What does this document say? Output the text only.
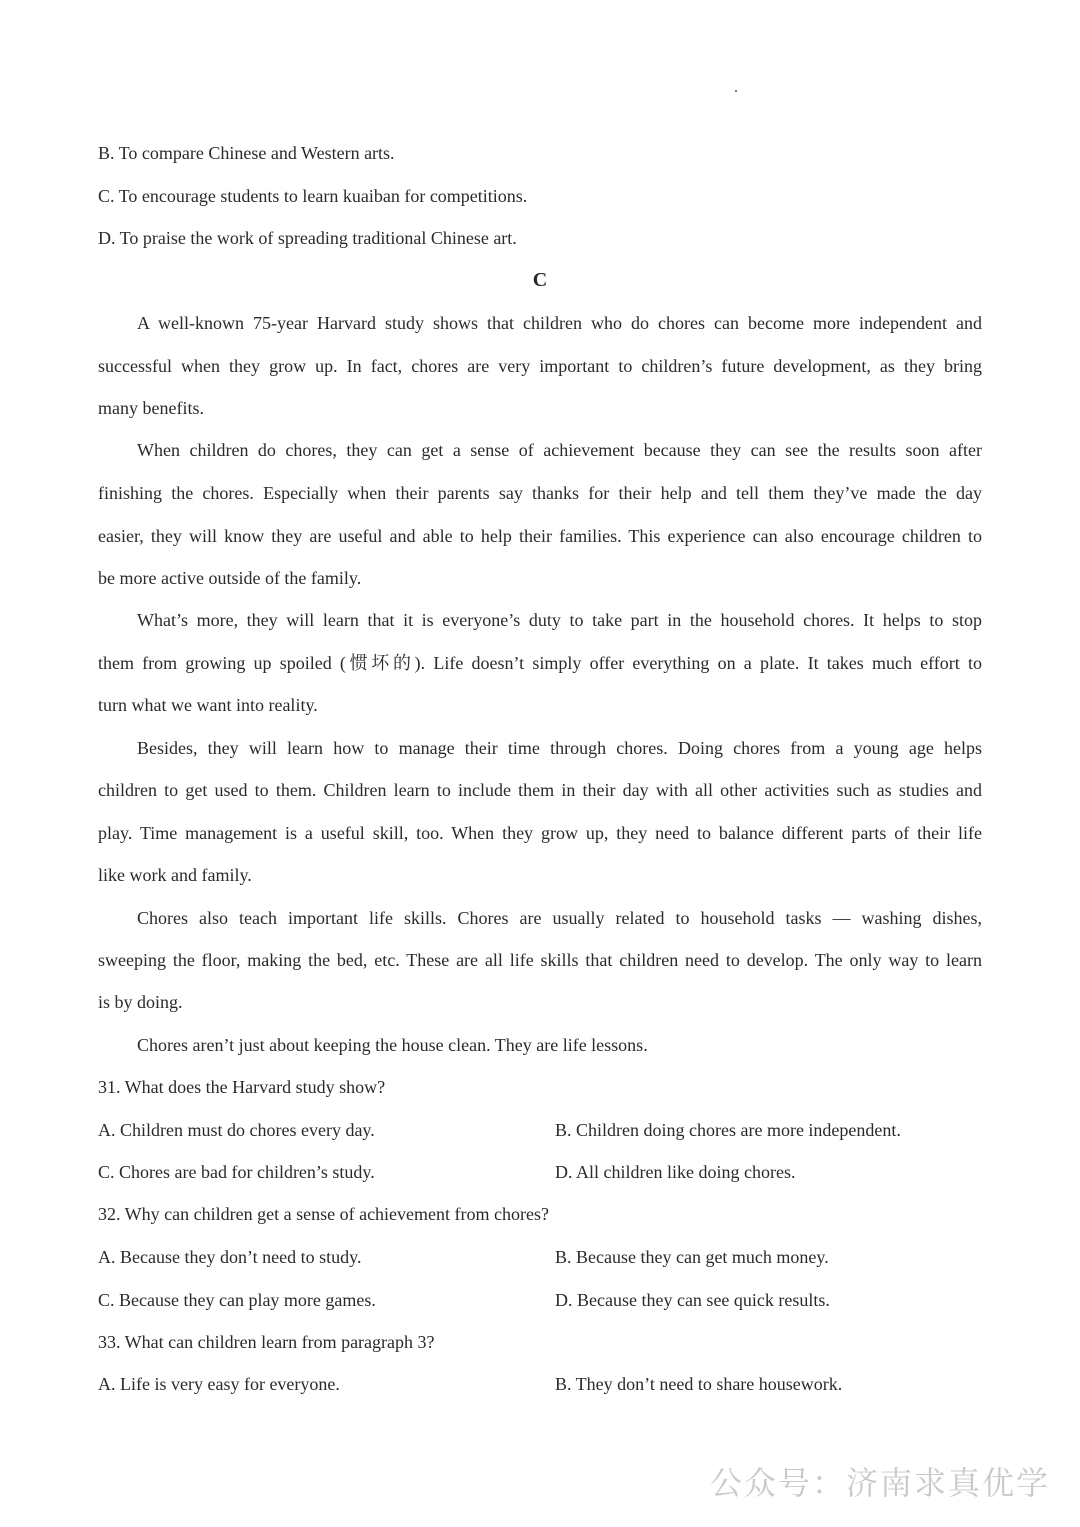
B. To compare Chinese and Western arts.
C. To encourage students to learn kuaiban for competitions.
D. To praise the work of spreading traditional Chinese art.
C
A well-known 75-year Harvard study shows that children who do chores can become more independent and
successful when they grow up. In fact, chores are very important to children’s future development, as they bring
many benefits.
When children do chores, they can get a sense of achievement because they can see the results soon after
finishing the chores. Especially when their parents say thanks for their help and tell them they’ve made the day
easier, they will know they are useful and able to help their families. This experience can also encourage children to
be more active outside of the family.
What’s more, they will learn that it is everyone’s duty to take part in the household chores. It helps to stop
them from growing up spoiled (惯坏的). Life doesn’t simply offer everything on a plate. It takes much effort to
turn what we want into reality.
Besides, they will learn how to manage their time through chores. Doing chores from a young age helps
children to get used to them. Children learn to include them in their day with all other activities such as studies and
play. Time management is a useful skill, too. When they grow up, they need to balance different parts of their life
like work and family.
Chores also teach important life skills. Chores are usually related to household tasks — washing dishes,
sweeping the floor, making the bed, etc. These are all life skills that children need to develop. The only way to learn
is by doing.
Chores aren’t just about keeping the house clean. They are life lessons.
31. What does the Harvard study show?
A. Children must do chores every day.	B. Children doing chores are more independent.
C. Chores are bad for children’s study.	D. All children like doing chores.
32. Why can children get a sense of achievement from chores?
A. Because they don’t need to study.	B. Because they can get much money.
C. Because they can play more games.	D. Because they can see quick results.
33. What can children learn from paragraph 3?
A. Life is very easy for everyone.	B. They don’t need to share housework.
公众号：济南求真优学
